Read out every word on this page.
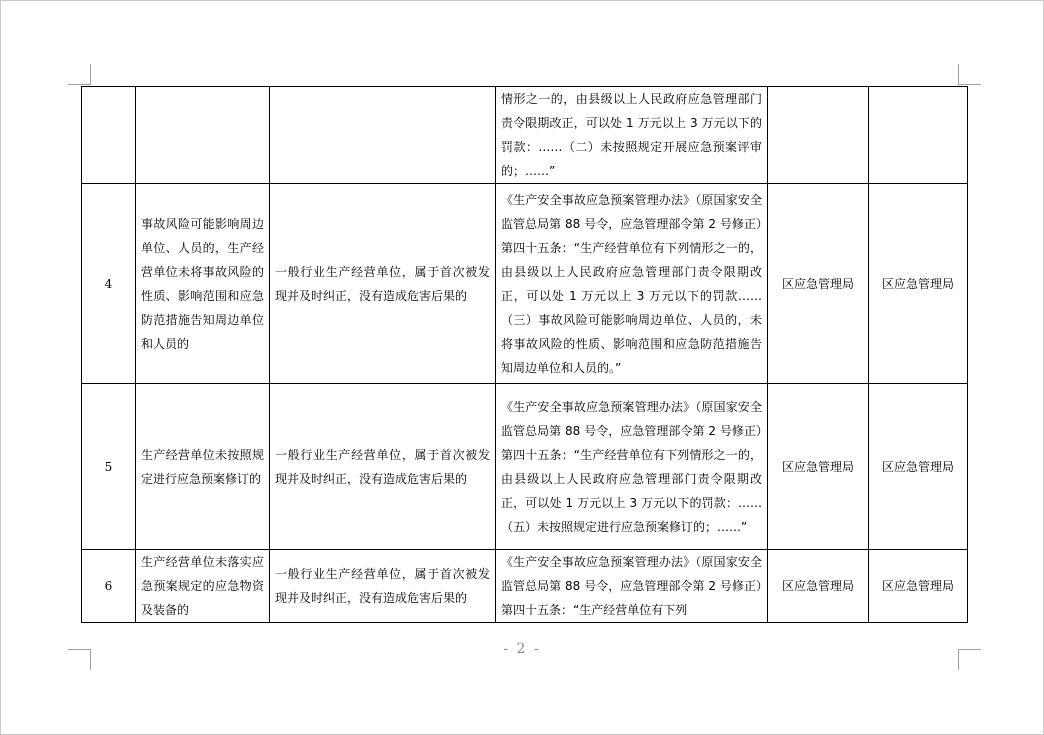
			情形之一的，由县级以上人民政府应急管理部门责令限期改正，可以处 1 万元以上 3 万元以下的罚款：……（二）未按照规定开展应急预案评审的；……”		
4	事故风险可能影响周边单位、人员的，生产经营单位未将事故风险的性质、影响范围和应急防范措施告知周边单位和人员的	一般行业生产经营单位，属于首次被发现并及时纠正，没有造成危害后果的	《生产安全事故应急预案管理办法》（原国家安全监管总局第 88 号令，应急管理部令第 2 号修正）第四十五条：“生产经营单位有下列情形之一的，由县级以上人民政府应急管理部门责令限期改正，可以处 1 万元以上 3 万元以下的罚款……（三）事故风险可能影响周边单位、人员的，未将事故风险的性质、影响范围和应急防范措施告知周边单位和人员的。”	区应急管理局	区应急管理局
5	生产经营单位未按照规定进行应急预案修订的	一般行业生产经营单位，属于首次被发现并及时纠正，没有造成危害后果的	《生产安全事故应急预案管理办法》（原国家安全监管总局第 88 号令，应急管理部令第 2 号修正）第四十五条：“生产经营单位有下列情形之一的，由县级以上人民政府应急管理部门责令限期改正，可以处 1 万元以上 3 万元以下的罚款：……（五）未按照规定进行应急预案修订的；……”	区应急管理局	区应急管理局
6	生产经营单位未落实应急预案规定的应急物资及装备的	一般行业生产经营单位，属于首次被发现并及时纠正，没有造成危害后果的	《生产安全事故应急预案管理办法》（原国家安全监管总局第 88 号令，应急管理部令第 2 号修正）第四十五条：“生产经营单位有下列	区应急管理局	区应急管理局
- 2 -
